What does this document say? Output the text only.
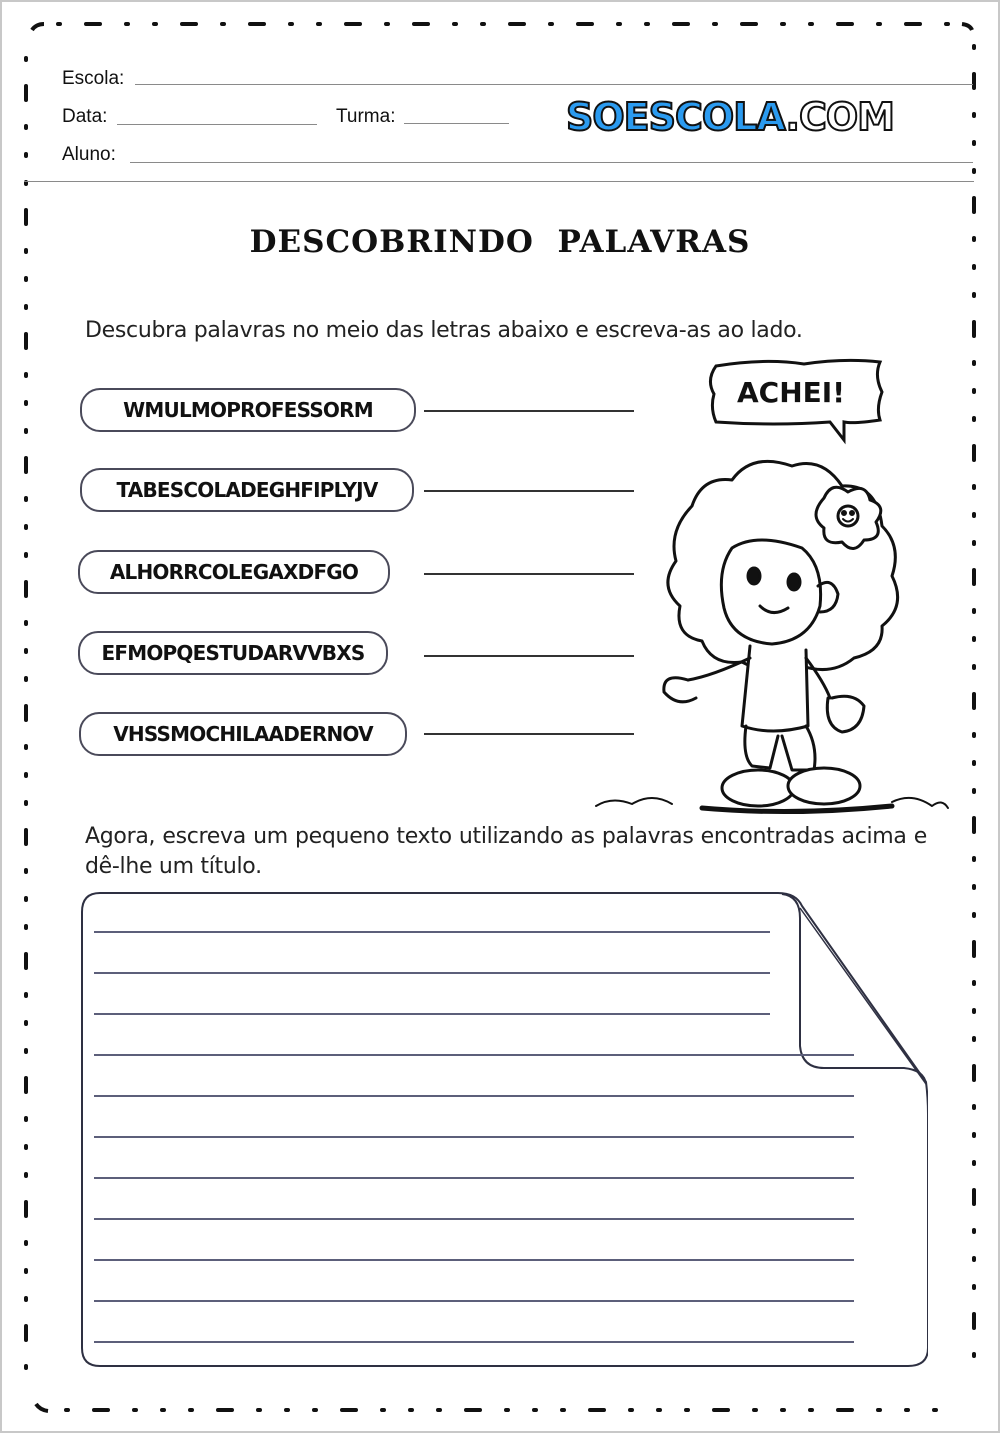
Escola:
Data:	Turma:
Aluno:
SOESCOLA.COM
DESCOBRINDO PALAVRAS
Descubra palavras no meio das letras abaixo e escreva-as ao lado.
WMULMOPROFESSORM
TABESCOLADEGHFIPLYJV
ALHORRCOLEGAXDFGO
EFMOPQESTUDARVVBXS
VHSSMOCHILAADERNOV
ACHEI!
Agora, escreva um pequeno texto utilizando as palavras encontradas acima e dê-lhe um título.
